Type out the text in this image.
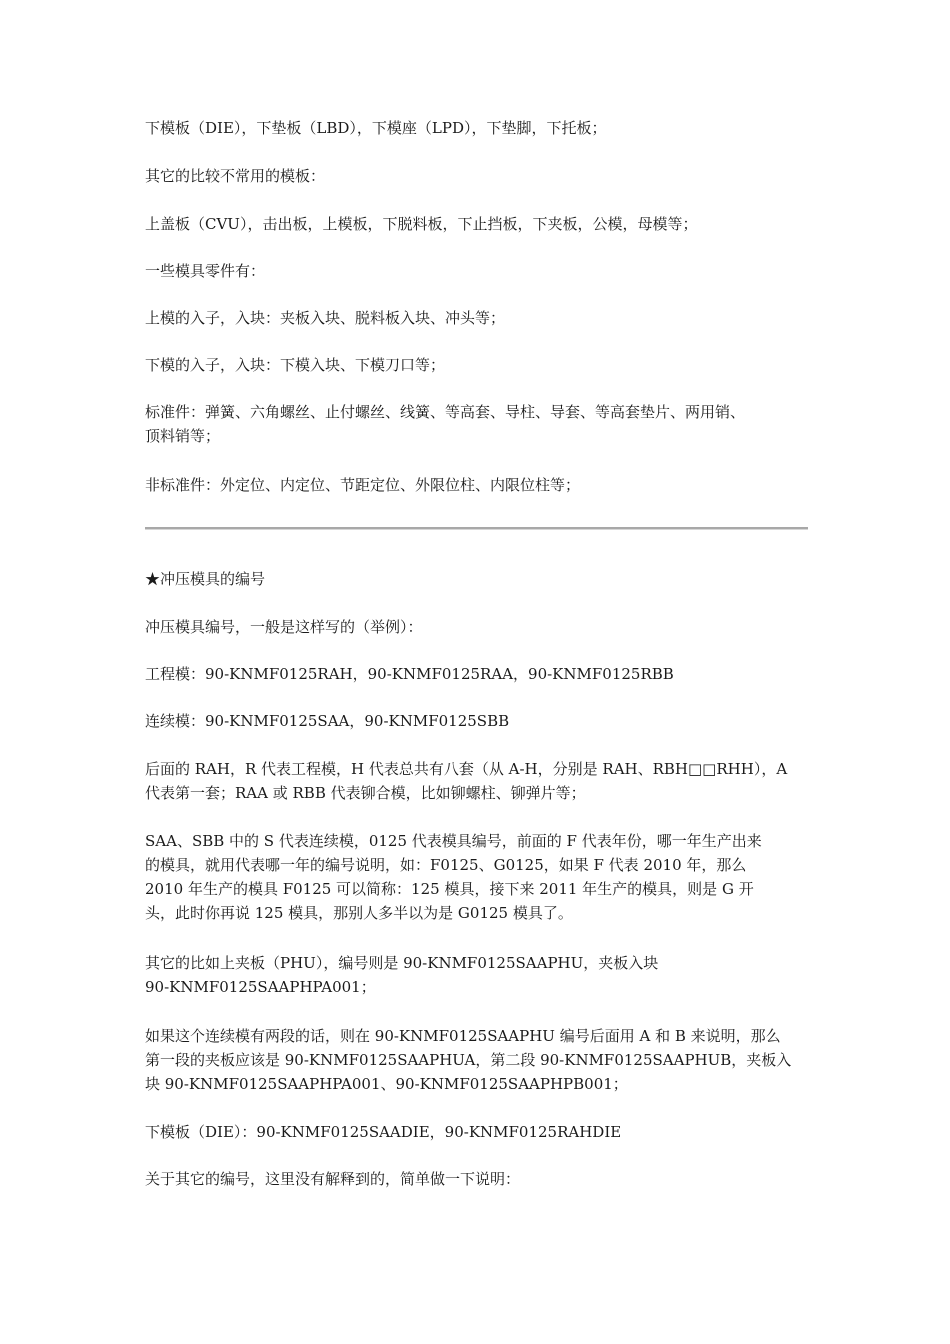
下模板（DIE），下垫板（LBD），下模座（LPD），下垫脚，下托板；

其它的比较不常用的模板：

上盖板（CVU），击出板，上模板，下脱料板，下止挡板，下夹板，公模，母模等；

一些模具零件有：

上模的入子，入块：夹板入块、脱料板入块、冲头等；

下模的入子，入块：下模入块、下模刀口等；

标准件：弹簧、六角螺丝、止付螺丝、线簧、等高套、导柱、导套、等高套垫片、两用销、
顶料销等；

非标准件：外定位、内定位、节距定位、外限位柱、内限位柱等；

★冲压模具的编号

冲压模具编号，一般是这样写的（举例）：

工程模：90-KNMF0125RAH，90-KNMF0125RAA，90-KNMF0125RBB

连续模：90-KNMF0125SAA，90-KNMF0125SBB

后面的 RAH，R 代表工程模，H 代表总共有八套（从 A-H，分别是 RAH、RBH□□RHH），A
代表第一套；RAA 或 RBB 代表铆合模，比如铆螺柱、铆弹片等；

SAA、SBB 中的 S 代表连续模，0125 代表模具编号，前面的 F 代表年份，哪一年生产出来
的模具，就用代表哪一年的编号说明，如：F0125、G0125，如果 F 代表 2010 年，那么
2010 年生产的模具 F0125 可以简称：125 模具，接下来 2011 年生产的模具，则是 G 开
头，此时你再说 125 模具，那别人多半以为是 G0125 模具了。

其它的比如上夹板（PHU），编号则是 90-KNMF0125SAAPHU，夹板入块
90-KNMF0125SAAPHPA001；

如果这个连续模有两段的话，则在 90-KNMF0125SAAPHU 编号后面用 A 和 B 来说明，那么
第一段的夹板应该是 90-KNMF0125SAAPHUA，第二段 90-KNMF0125SAAPHUB，夹板入
块 90-KNMF0125SAAPHPA001、90-KNMF0125SAAPHPB001；

下模板（DIE）：90-KNMF0125SAADIE，90-KNMF0125RAHDIE

关于其它的编号，这里没有解释到的，简单做一下说明：
